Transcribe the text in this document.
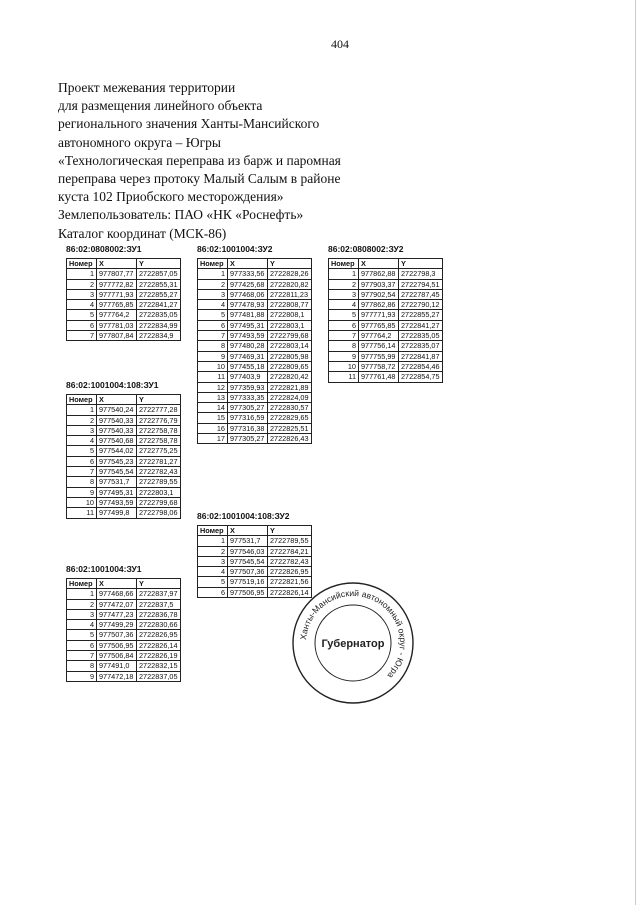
404
Проект межевания территории
для размещения линейного объекта
регионального значения Ханты-Мансийского
автономного округа – Югры
«Технологическая переправа из барж и паромная
переправа через протоку Малый Салым в районе
куста 102 Приобского месторождения»
Землепользователь: ПАО «НК «Роснефть»
Каталог координат (МСК-86)
86:02:0808002:ЗУ1
Номер	X	Y
1	977807,77	2722857,05
2	977772,82	2722855,31
3	977771,93	2722855,27
4	977765,85	2722841,27
5	977764,2	2722835,05
6	977781,03	2722834,99
7	977807,84	2722834,9
86:02:1001004:108:ЗУ1
Номер	X	Y
1	977540,24	2722777,28
2	977540,33	2722776,79
3	977540,33	2722758,78
4	977540,68	2722758,78
5	977544,02	2722775,25
6	977545,23	2722781,27
7	977545,54	2722782,43
8	977531,7	2722789,55
9	977495,31	2722803,1
10	977493,59	2722799,68
11	977499,8	2722798,06
86:02:1001004:ЗУ1
Номер	X	Y
1	977468,66	2722837,97
2	977472,07	2722837,5
3	977477,23	2722836,78
4	977499,29	2722830,66
5	977507,36	2722826,95
6	977506,95	2722826,14
7	977506,84	2722826,19
8	977491,0	2722832,15
9	977472,18	2722837,05
86:02:1001004:ЗУ2
Номер	X	Y
1	977333,56	2722828,26
2	977425,68	2722820,82
3	977468,06	2722811,23
4	977478,93	2722808,77
5	977481,88	2722808,1
6	977495,31	2722803,1
7	977493,59	2722799,68
8	977480,28	2722803,14
9	977469,31	2722805,98
10	977455,18	2722809,65
11	977403,9	2722820,42
12	977359,93	2722821,89
13	977333,35	2722824,09
14	977305,27	2722830,57
15	977316,59	2722829,65
16	977316,38	2722825,51
17	977305,27	2722826,43
86:02:1001004:108:ЗУ2
Номер	X	Y
1	977531,7	2722789,55
2	977546,03	2722784,21
3	977545,54	2722782,43
4	977507,36	2722826,95
5	977519,16	2722821,56
6	977506,95	2722826,14
86:02:0808002:ЗУ2
Номер	X	Y
1	977862,88	2722798,3
2	977903,37	2722794,51
3	977902,54	2722787,45
4	977862,86	2722790,12
5	977771,93	2722855,27
6	977765,85	2722841,27
7	977764,2	2722835,05
8	977756,14	2722835,07
9	977755,99	2722841,87
10	977758,72	2722854,46
11	977761,48	2722854,75
Ханты-Мансийский автономный округ - Югра
Губернатор
